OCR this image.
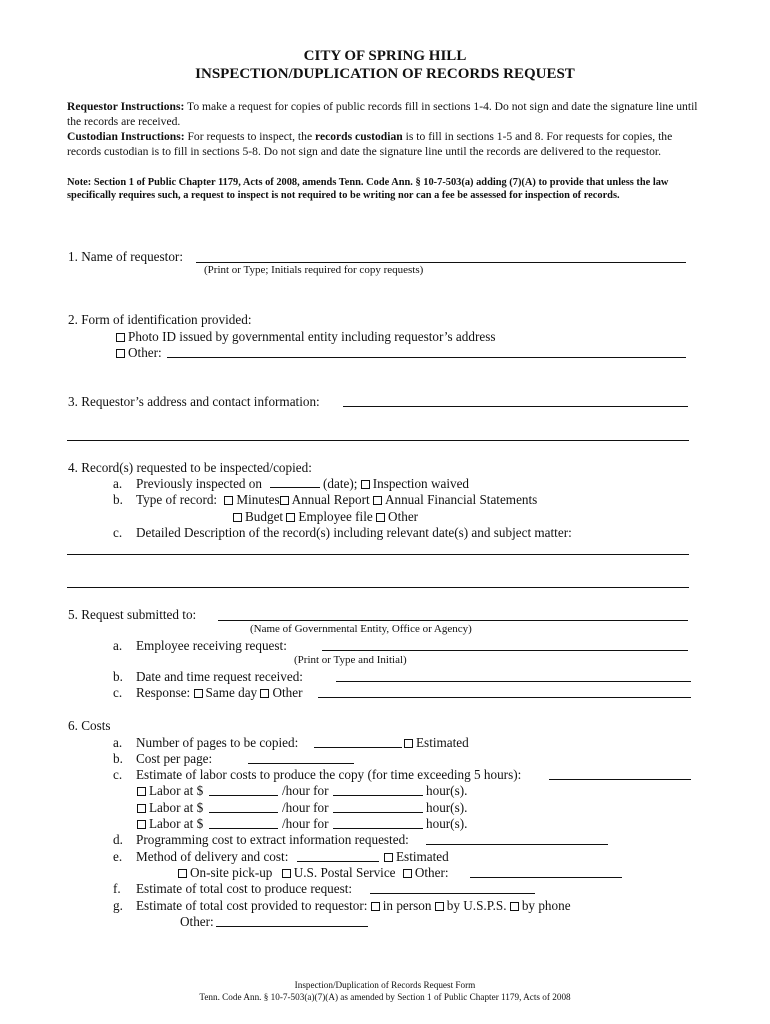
CITY OF SPRING HILL
INSPECTION/DUPLICATION OF RECORDS REQUEST
Requestor Instructions: To make a request for copies of public records fill in sections 1-4. Do not sign and date the signature line until the records are received.
Custodian Instructions: For requests to inspect, the records custodian is to fill in sections 1-5 and 8. For requests for copies, the records custodian is to fill in sections 5-8. Do not sign and date the signature line until the records are delivered to the requestor.
Note: Section 1 of Public Chapter 1179, Acts of 2008, amends Tenn. Code Ann. § 10-7-503(a) adding (7)(A) to provide that unless the law specifically requires such, a request to inspect is not required to be writing nor can a fee be assessed for inspection of records.
1. Name of requestor:
(Print or Type; Initials required for copy requests)
2. Form of identification provided:
Photo ID issued by governmental entity including requestor’s address
Other:
3. Requestor’s address and contact information:
4. Record(s) requested to be inspected/copied:
a. Previously inspected on	(date); Inspection waived
b. Type of record: Minutes Annual Report Annual Financial Statements
Budget Employee file Other
c. Detailed Description of the record(s) including relevant date(s) and subject matter:
5. Request submitted to:
(Name of Governmental Entity, Office or Agency)
a. Employee receiving request:
(Print or Type and Initial)
b. Date and time request received:
c. Response: Same day Other
6. Costs
a. Number of pages to be copied:	Estimated
b. Cost per page:
c. Estimate of labor costs to produce the copy (for time exceeding 5 hours):
Labor at $	/hour for	hour(s).
Labor at $	/hour for	hour(s).
Labor at $	/hour for	hour(s).
d. Programming cost to extract information requested:
e. Method of delivery and cost:	Estimated
On-site pick-up U.S. Postal Service Other:
f. Estimate of total cost to produce request:
g. Estimate of total cost provided to requestor: in person by U.S.P.S. by phone
Other:
Inspection/Duplication of Records Request Form
Tenn. Code Ann. § 10-7-503(a)(7)(A) as amended by Section 1 of Public Chapter 1179, Acts of 2008
